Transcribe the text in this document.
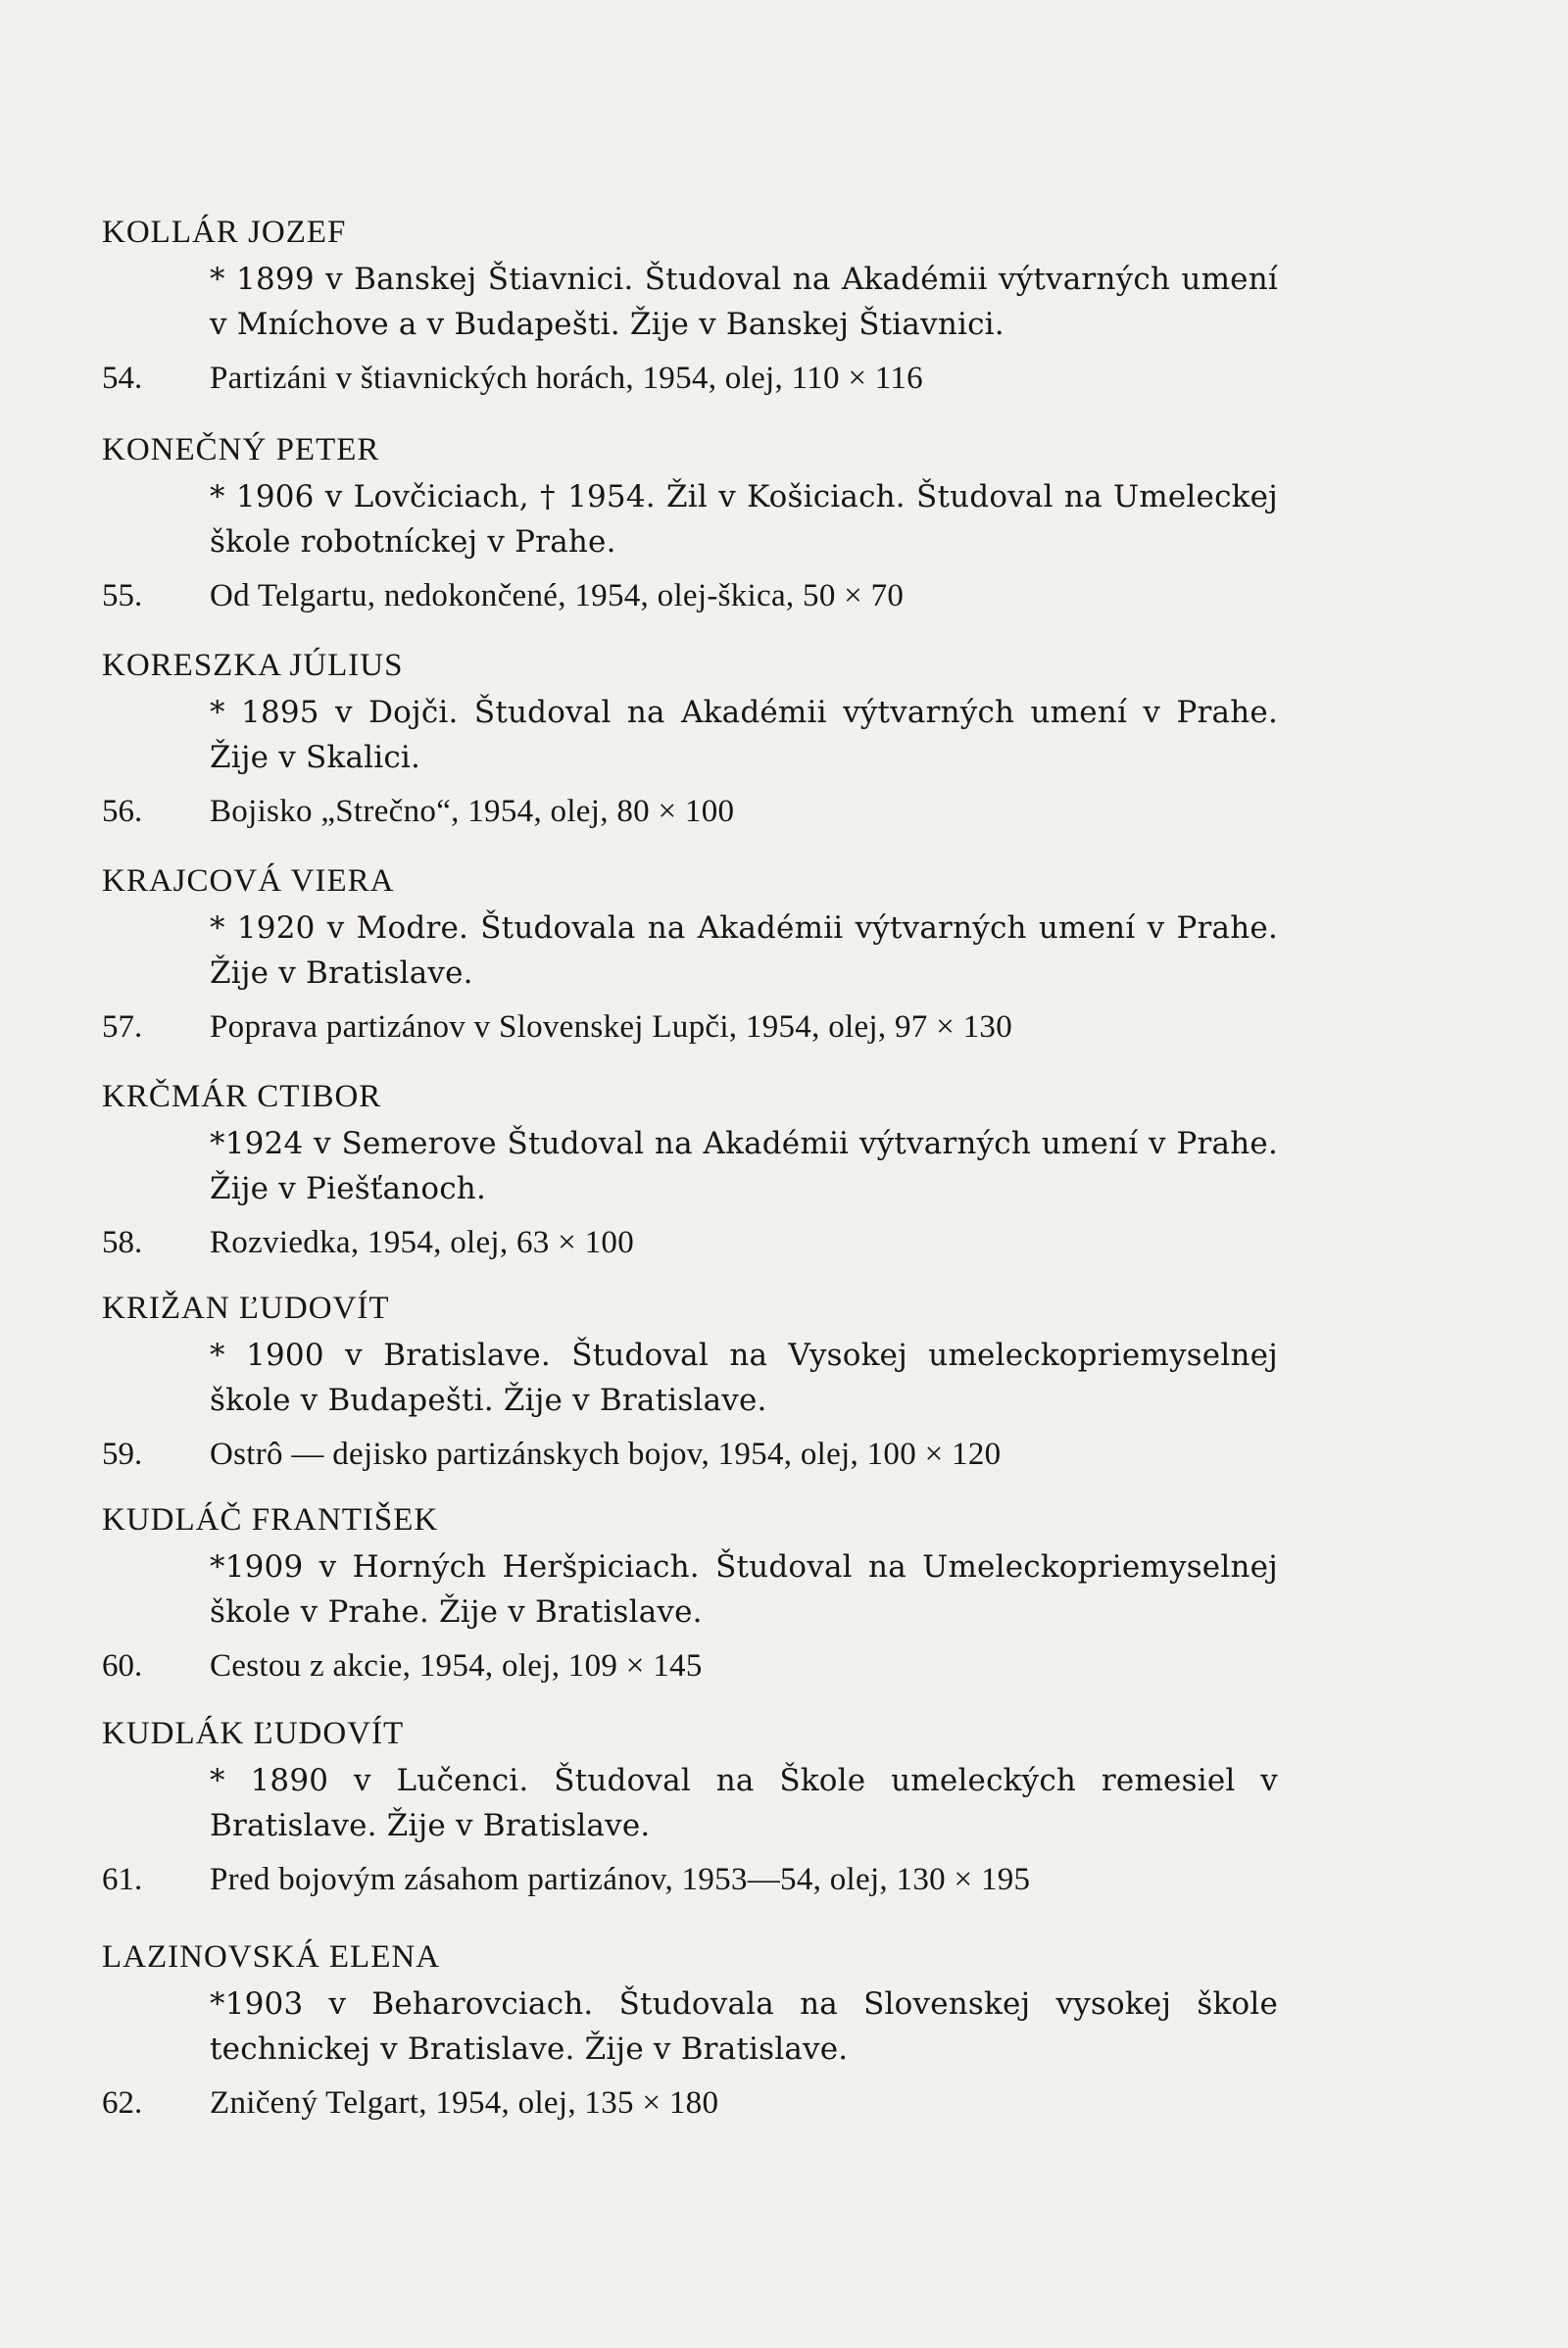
KOLLÁR JOZEF
* 1899 v Banskej Štiavnici. Študoval na Akadémii výtvarných umení v Mníchove a v Budapešti. Žije v Banskej Štiavnici.
54.	Partizáni v štiavnických horách, 1954, olej, 110 × 116
KONEČNÝ PETER
* 1906 v Lovčiciach, † 1954. Žil v Košiciach. Študoval na Umeleckej škole robotníckej v Prahe.
55.	Od Telgartu, nedokončené, 1954, olej-škica, 50 × 70
KORESZKA JÚLIUS
* 1895 v Dojči. Študoval na Akadémii výtvarných umení v Prahe. Žije v Skalici.
56.	Bojisko „Strečno“, 1954, olej, 80 × 100
KRAJCOVÁ VIERA
* 1920 v Modre. Študovala na Akadémii výtvarných umení v Prahe. Žije v Bratislave.
57.	Poprava partizánov v Slovenskej Lupči, 1954, olej, 97 × 130
KRČMÁR CTIBOR
*1924 v Semerove Študoval na Akadémii výtvarných umení v Prahe. Žije v Piešťanoch.
58.	Rozviedka, 1954, olej, 63 × 100
KRIŽAN ĽUDOVÍT
* 1900 v Bratislave. Študoval na Vysokej umeleckopriemyselnej škole v Budapešti. Žije v Bratislave.
59.	Ostrô — dejisko partizánskych bojov, 1954, olej, 100 × 120
KUDLÁČ FRANTIŠEK
*1909 v Horných Heršpiciach. Študoval na Umeleckopriemyselnej škole v Prahe. Žije v Bratislave.
60.	Cestou z akcie, 1954, olej, 109 × 145
KUDLÁK ĽUDOVÍT
* 1890 v Lučenci. Študoval na Škole umeleckých remesiel v Bratislave. Žije v Bratislave.
61.	Pred bojovým zásahom partizánov, 1953—54, olej, 130 × 195
LAZINOVSKÁ ELENA
*1903 v Beharovciach. Študovala na Slovenskej vysokej škole technickej v Bratislave. Žije v Bratislave.
62.	Zničený Telgart, 1954, olej, 135 × 180
